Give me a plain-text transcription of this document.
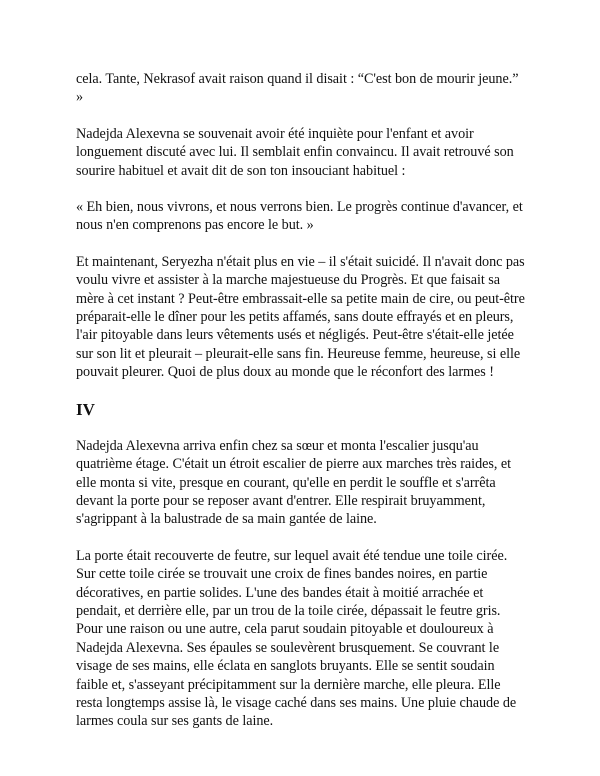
cela. Tante, Nekrasof avait raison quand il disait : “C'est bon de mourir jeune.” »

Nadejda Alexevna se souvenait avoir été inquiète pour l'enfant et avoir longuement discuté avec lui. Il semblait enfin convaincu. Il avait retrouvé son sourire habituel et avait dit de son ton insouciant habituel :

« Eh bien, nous vivrons, et nous verrons bien. Le progrès continue d'avancer, et nous n'en comprenons pas encore le but. »

Et maintenant, Seryezha n'était plus en vie – il s'était suicidé. Il n'avait donc pas voulu vivre et assister à la marche majestueuse du Progrès. Et que faisait sa mère à cet instant ? Peut-être embrassait-elle sa petite main de cire, ou peut-être préparait-elle le dîner pour les petits affamés, sans doute effrayés et en pleurs, l'air pitoyable dans leurs vêtements usés et négligés. Peut-être s'était-elle jetée sur son lit et pleurait – pleurait-elle sans fin. Heureuse femme, heureuse, si elle pouvait pleurer. Quoi de plus doux au monde que le réconfort des larmes !

IV

Nadejda Alexevna arriva enfin chez sa sœur et monta l'escalier jusqu'au quatrième étage. C'était un étroit escalier de pierre aux marches très raides, et elle monta si vite, presque en courant, qu'elle en perdit le souffle et s'arrêta devant la porte pour se reposer avant d'entrer. Elle respirait bruyamment, s'agrippant à la balustrade de sa main gantée de laine.

La porte était recouverte de feutre, sur lequel avait été tendue une toile cirée. Sur cette toile cirée se trouvait une croix de fines bandes noires, en partie décoratives, en partie solides. L'une des bandes était à moitié arrachée et pendait, et derrière elle, par un trou de la toile cirée, dépassait le feutre gris. Pour une raison ou une autre, cela parut soudain pitoyable et douloureux à Nadejda Alexevna. Ses épaules se soulevèrent brusquement. Se couvrant le visage de ses mains, elle éclata en sanglots bruyants. Elle se sentit soudain faible et, s'asseyant précipitamment sur la dernière marche, elle pleura. Elle resta longtemps assise là, le visage caché dans ses mains. Une pluie chaude de larmes coula sur ses gants de laine.
